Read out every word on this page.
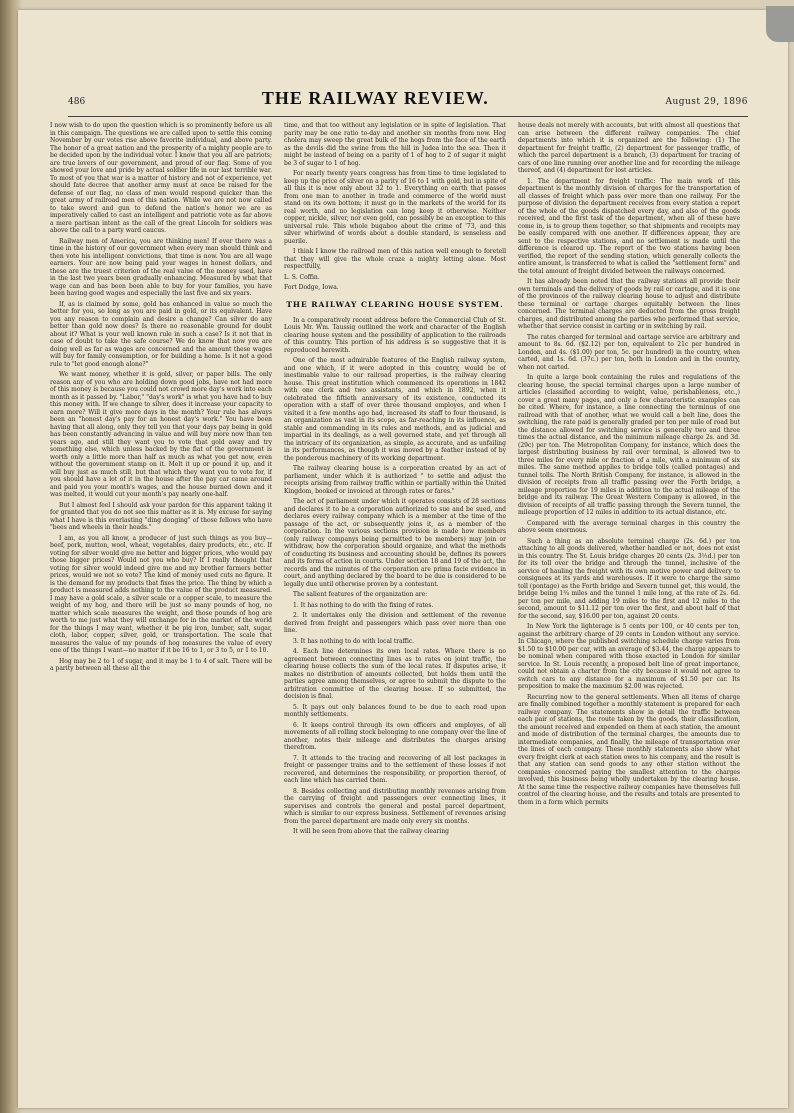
486	THE RAILWAY REVIEW.	August 29, 1896

I now wish to do upon the question which is so prominently before us all in this campaign. The questions we are called upon to settle this coming November by our votes rise above favorite individual, and above party. The honor of a great nation and the prosperity of a mighty people are to be decided upon by the individual voter. I know that you all are patriots; are true lovers of our government, and proud of our flag. Some of you showed your love and pride by actual soldier life in our last terrible war. To most of you that war is a matter of history and not of experience, yet should fate decree that another army must at once be raised for the defense of our flag, no class of men would respond quicker than the great army of railroad men of this nation. While we are not now called to take sword and gun to defend the nation's honor we are as imperatively called to cast an intelligent and patriotic vote as far above a mere partisan intent as the call of the great Lincoln for soldiers was above the call to a party ward caucus.

Railway men of America, you are thinking men! If ever there was a time in the history of our government when every man should think and then vote his intelligent convictions, that time is now. You are all wage earners. Your are now being paid your wages in honest dollars, and these are the truest criterion of the real value of the money used, have in the last two years been gradually enhancing. Measured by what that wage can and has been been able to buy for your families, you have been having good wages and especially the last five and six years.

If, as is claimed by some, gold has enhanced in value so much the better for you, so long as you are paid in gold, or its equivalent. Have you any reason to complain and desire a change? Can silver do any better than gold now does? Is there no reasonable ground for doubt about it? What is your well known rule in such a case? Is it not that in case of doubt to take the safe course? We do know that now you are doing well as far as wages are concerned and the amount these wages will buy for family consumption, or for building a home. Is it not a good rule to "let good enough alone?"

We want money, whether it is gold, silver, or paper bills. The only reason any of you who are holding down good jobs, have not had more of this money is because you could not crowd more day's work into each month as it passed by. "Labor," "day's work" is what you have had to buy this money with. If we change to silver, does it increase your capacity to earn more? Will it give more days in the month? Your rule has always been an "honest day's pay for an honest day's work." You have been having that all along, only they tell you that your days pay being in gold has been constantly advancing in value and will buy more now than ten years ago, and still they want you to vote that gold away and try something else, which unless backed by the fiat of the government is worth only a little more than half as much as what you get now, even without the government stamp on it. Melt it up or pound it up, and it will buy just as much still, but that which they want you to vote for, if you should have a lot of it in the house after the pay car came around and paid you your month's wages, and the house burned down and it was melted, it would cut your month's pay nearly one-half.

But I almost feel I should ask your pardon for this apparent taking it for granted that you do not see this matter as it is. My excuse for saying what I have is this everlasting "ding donging" of those fellows who have "bees and wheels in their heads."

I am, as you all know, a producer of just such things as you buy—beef, pork, mutton, wool, wheat, vegetables, dairy products, etc., etc. If voting for silver would give me better and bigger prices, who would pay those bigger prices? Would not you who buy? If I really thought that voting for silver would indeed give me and my brother farmers better prices, would we not so vote? The kind of money used cuts no figure. It is the demand for my products that fixes the price. The thing by which a product is measured adds nothing to the value of the product measured. I may have a gold scale, a silver scale or a copper scale, to measure the weight of my hog, and there will be just so many pounds of hog, no matter which scale measures the weight, and those pounds of hog are worth to me just what they will exchange for in the market of the world for the things I may want, whether it be pig iron, lumber, salt, sugar, cloth, labor, copper, silver, gold, or transportation. The scale that measures the value of my pounds of hog measures the value of every one of the things I want—no matter if it be 16 to 1, or 3 to 5, or 1 to 10.

Hog may be 2 to 1 of sugar, and it may be 1 to 4 of salt. There will be a parity between all these all the

time, and that too without any legislation or in spite of legislation. That parity may be one ratio to-day and another six months from now. Hog cholera may sweep the great bulk of the hogs from the face of the earth as the devils did the swine from the hill in Judea into the sea. Then it might be instead of being on a parity of 1 of hog to 2 of sugar it might be 3 of sugar to 1 of hog.

For nearly twenty years congress has from time to time legislated to keep up the price of silver on a parity of 16 to 1 with gold, but in spite of all this it is now only about 32 to 1. Everything on earth that passes from one man to another in trade and commerce of the world must stand on its own bottom; it must go in the markets of the world for its real worth, and no legislation can long keep it otherwise. Neither copper, nickle, silver, nor even gold, can possibly be an exception to this universal rule. This whole bugaboo about the crime of '73, and this silver whirlwind of words about a double standard, is senseless and puerile.

I think I know the railroad men of this nation well enough to foretell that they will give the whole craze a mighty letting alone. Most respectfully,

L. S. Coffin.

Fort Dodge, Iowa.

THE RAILWAY CLEARING HOUSE SYSTEM.

In a comparatively recent address before the Commercial Club of St. Louis Mr. Wm. Taussig outlined the work and character of the English clearing house system and the possibility of application to the railroads of this country. This portion of his address is so suggestive that it is reproduced herewith.

One of the most admirable features of the English railway system, and one which, if it were adopted in this country, would be of inestimable value to our railroad properties, is the railway clearing house. This great institution which commenced its operations in 1842 with one clerk and two assistants, and which in 1892, when it celebrated the fiftieth anniversary of its existence, conducted its operation with a staff of over three thousand employes, and when I visited it a few months ago had, increased its staff to four thousand, is an organization as vast in its scope, as far-reaching in its influence, as stable and commanding in its rules and methods, and as judicial and impartial in its dealings, as a well governed state, and yet through all the intricacy of its organization, as simple, as accurate, and as unfailing in its performances, as though it was moved by a feather instead of by the ponderous machinery of its working department.

The railway clearing house is a corporation created by an act of parliament, under which it is authorized " to settle and adjust the receipts arising from railway traffic within or partially within the United Kingdom, booked or invoiced at through rates or fares."

The act of parliament under which it operates consists of 28 sections and declares it to be a corporation authorized to sue and be sued, and declares every railway company which is a member at the time of the passage of the act, or subsequently joins it, as a member of the corporation. In the various sections provision is made how members (only railway companys being permitted to be members) may join or withdraw, how the corporation should organize, and what the methods of conducting its business and accounting should be, defines its powers and its forms of action in courts. Under section 18 and 19 of the act, the records and the minutes of the corporation are prima facie evidence in court, and anything declared by the board to be due is considered to be legally due until otherwise proven by a contestant.

The salient features of the organization are:

1. It has nothing to do with the fixing of rates.

2. It undertakes only the division and settlement of the revenue derived from freight and passengers which pass over more than one line.

3. It has nothing to do with local traffic.

4. Each line determines its own local rates. Where there is no agreement between connecting lines as to rates on joint traffic, the clearing house collects the sum of the local rates. If disputes arise, it makes no distribution of amounts collected, but holds them until the parties agree among themselves, or agree to submit the dispute to the arbitration committee of the clearing house. If so submitted, the decision is final.

5. It pays out only balances found to be due to each road upon monthly settlements.

6. It keeps control through its own officers and employes, of all movements of all rolling stock belonging to one company over the line of another, notes their mileage and distributes the charges arising therefrom.

7. It attends to the tracing and recovering of all lost packages in freight or passenger trains and to the settlement of these losses if not recovered, and determines the responsibility, or proportion thereof, of each line which has carried them.

8. Besides collecting and distributing monthly revenues arising from the carrying of freight and passengers over connecting lines, it supervises and controls the general and postal parcel department, which is similar to our express business. Settlement of revenues arising from the parcel department are made only every six months.

It will be seen from above that the railway clearing

house deals not merely with accounts, but with almost all questions that can arise between the different railway companies. The chief departments into which it is organized are the following: (1) The department for freight traffic, (2) department for passenger traffic, of which the parcel department is a branch, (3) department for tracing of cars of one line running over another line and for recording the mileage thereof, and (4) department for lost articles.

1. The department for freight traffic: The main work of this department is the monthly division of charges for the transportation of all classes of freight which pass over more than one railway. For the purpose of division the department receives from every station a report of the whole of the goods dispatched every day, and also of the goods received, and the first task of the department, when all of these have come in, is to group them together, so that shipments and receipts may be easily compared with one another. If differences appear, they are sent to the respective stations, and no settlement is made until the difference is cleared up. The report of the two stations having been verified, the report of the sending station, which generally collects the entire amount, is transferred to what is called the "settlement form" and the total amount of freight divided between the railways concerned.

It has already been noted that the railway stations all provide their own terminals and the delivery of goods by rail or cartage, and it is one of the provinces of the railway clearing house to adjust and distribute these terminal or cartage charges equitably between the lines concerned. The terminal charges are deducted from the gross freight charges, and distributed among the parties who performed that service, whether that service consist in carting or in switching by rail.

The rates charged for terminal and cartage service are arbitrary and amount to 8s. 6d. ($2.12) per ton, equivalent to 21c per hundred in London, and 4s. ($1.00) per ton, 5c. per hundred) in the country, when carted, and 1s. 6d. (37c.) per ton, both in London and in the country, when not carted.

In quite a large book containing the rules and regulations of the clearing house, the special terminal charges upon a large number of articles (classified according to weight, value, perishableness, etc.,) cover a great many pages, and only a few characteristic examples can be cited. Where, for instance, a line connecting the terminus of one railroad with that of another, what we would call a belt line, does the switching, the rate paid is generally graded per ton per mile of road but the distance allowed for switching service is generally two and three times the actual distance, and the minimum mileage charge 2s. and 3d. (29c) per ton. The Metropolitan Company, for instance, which does the largest distributing business by rail over terminal, is allowed two to three miles for every mile or fraction of a mile, with a minimum of six miles. The same method applies to bridge tolls (called pontages) and tunnel tolls. The North British Company, for instance, is allowed in the division of receipts from all traffic passing over the Forth bridge, a mileage proportion for 19 miles in addition to the actual mileage of the bridge and its railway. The Great Western Company is allowed, in the division of receipts of all traffic passing through the Severn tunnel, the mileage proportion of 12 miles in addition to its actual distance, etc.

Compared with the average terminal charges in this country the above seem enormous.

Such a thing as an absolute terminal charge (2s. 6d.) per ton attaching to all goods delivered, whether handled or not, does not exist in this country. The St. Louis bridge charges 20 cents (2s. 3½d.) per ton for its toll over the bridge and through the tunnel, inclusive of the service of hauling the freight with its own motive power and delivery to consignees at its yards and warehouses. If it were to charge the same toll (pontage) as the Forth bridge and Severn tunnel get, this would, the bridge being 1¾ miles and the tunnel 1 mile long, at the rate of 2s. 6d. per ton per mile, and adding 19 miles to the first and 12 miles to the second, amount to $11.12 per ton over the first, and about half of that for the second, say, $16.00 per ton, against 20 cents.

In New York the lighterage is 5 cents per 100, or 40 cents per ton, against the arbitrary charge of 29 cents in London without any service. In Chicago, where the published switching schedule charge varies from $1.50 to $10.00 per car, with an average of $3.44, the charge appears to be nominal when compared with those exacted in London for similar service. In St. Louis recently, a proposed belt line of great importance, could not obtain a charter from the city because it would not agree to switch cars to any distance for a maximum of $1.50 per car. Its proposition to make the maximum $2.00 was rejected.

Recurring now to the general settlements. When all items of charge are finally combined together a monthly statement is prepared for each railway company. The statements show in detail the traffic between each pair of stations, the route taken by the goods, their classification, the amount received and expended on them at each station, the amount and mode of distribution of the terminal charges, the amounts due to intermediate companies, and finally, the mileage of transportation over the lines of each company. These monthly statements also show what every freight clerk at each station owes to his company, and the result is that any station can send goods to any other station without the companies concerned paying the smallest attention to the charges involved, this business being wholly undertaken by the clearing house. At the same time the respective railway companies have themselves full control of the clearing house, and the results and totals are presented to them in a form which permits
